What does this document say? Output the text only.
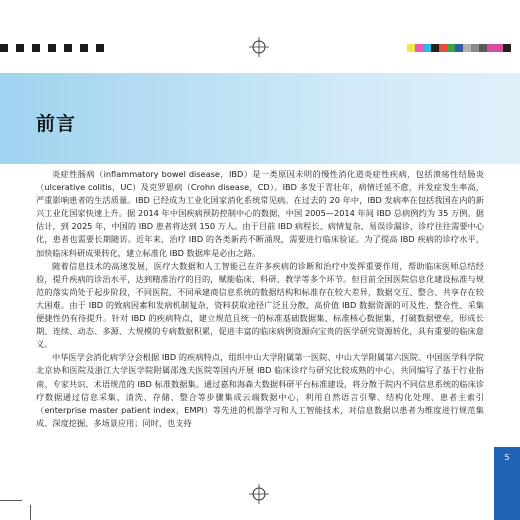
前言

炎症性肠病（inflammatory bowel disease，IBD）是一类原因未明的慢性消化道炎症性疾病，包括溃疡性结肠炎（ulcerative colitis，UC）及克罗恩病（Crohn disease，CD）。IBD 多发于青壮年，病情迁延不愈，并发症发生率高，严重影响患者的生活质量。IBD 已经成为工业化国家消化系统常见病。在过去的 20 年中，IBD 发病率在包括我国在内的新兴工业化国家快速上升。据 2014 年中国疾病预防控制中心的数据，中国 2005—2014 年间 IBD 总病例约为 35 万例。据估计，到 2025 年，中国的 IBD 患者将达到 150 万人。由于目前 IBD 病程长、病情复杂、易误诊漏诊，诊疗往往需要中心化，患者也需要长期随访。近年来，治疗 IBD 的各类新药不断涌现，需要进行临床验证。为了提高 IBD 疾病的诊疗水平，加快临床科研成果转化，建立标准化 IBD 数据库是必由之路。

随着信息技术的高速发展，医疗大数据和人工智能已在许多疾病的诊断和治疗中发挥重要作用，帮助临床医师总结经验，提升疾病的诊治水平，达到精准治疗的目的，赋能临床、科研、教学等多个环节。但目前全国医院信息化建设标准与规范的落实尚处于起步阶段，不同医院、不同承建商信息系统的数据结构和标准存在较大差异，数据交互、整合、共享存在较大困难。由于 IBD 的致病因素和发病机制复杂，资料获取途径广泛且分散，高价值 IBD 数据资源的可及性、整合性、采集便捷性仍有待提升。针对 IBD 的疾病特点，建立规范且统一的标准基础数据集、标准核心数据集，打破数据壁垒，形成长期、连续、动态、多源、大规模的专病数据积累，促进丰富的临床病例资源向宝贵的医学研究资源转化，具有重要的临床意义。

中华医学会消化病学分会根据 IBD 的疾病特点，组织中山大学附属第一医院、中山大学附属第六医院、中国医学科学院北京协和医院及浙江大学医学院附属邵逸夫医院等国内开展 IBD 临床诊疗与研究比较成熟的中心，共同编写了基于行业指南、专家共识、术语规范的 IBD 标准数据集。通过嘉和海森大数据科研平台标准建设，将分散于院内不同信息系统的临床诊疗数据通过信息采集、清洗、存储、整合等步骤集成云端数据中心，利用自然语言引擎、结构化处理、患者主索引（enterprise master patient index，EMPI）等先进的机器学习和人工智能技术，对信息数据以患者为维度进行规范集成、深度挖掘、多场景应用；同时，也支持

5
